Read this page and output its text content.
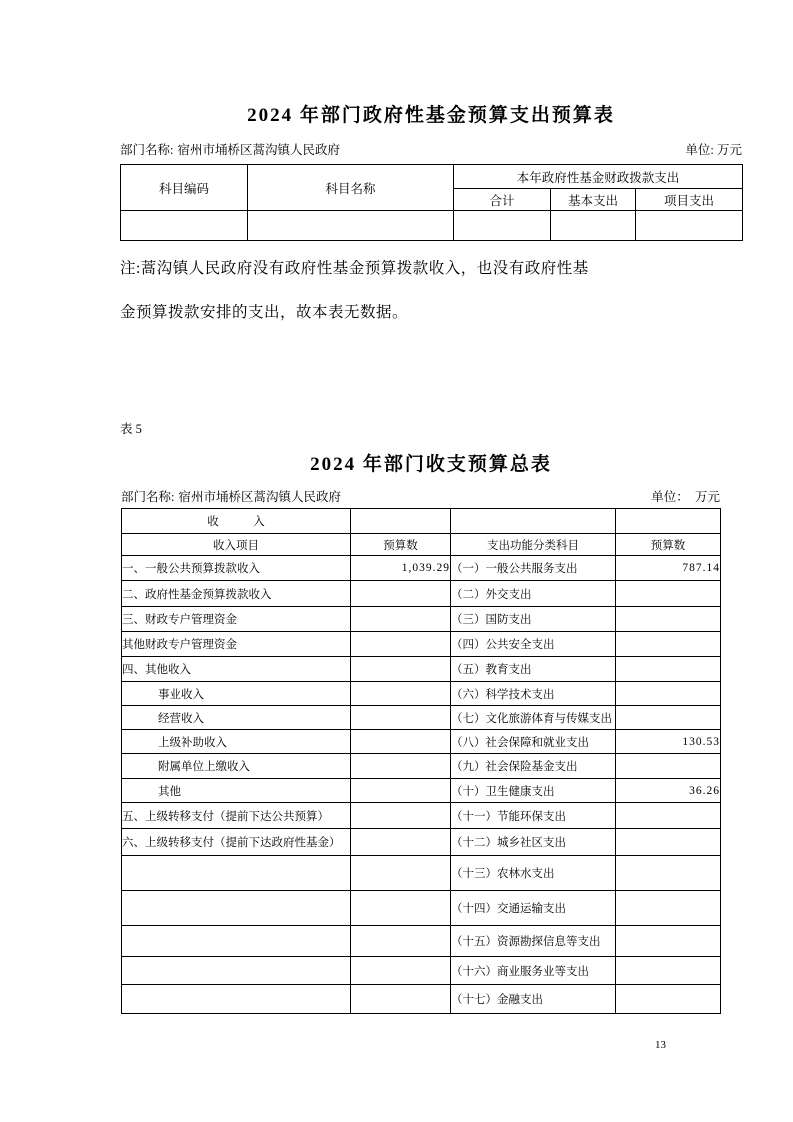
2024 年部门政府性基金预算支出预算表
部门名称: 宿州市埇桥区蒿沟镇人民政府	单位: 万元
科目编码	科目名称	本年政府性基金财政拨款支出		
		合计	基本支出	项目支出

注:蒿沟镇人民政府没有政府性基金预算拨款收入，也没有政府性基
金预算拨款安排的支出，故本表无数据。
表 5
2024 年部门收支预算总表
部门名称: 宿州市埇桥区蒿沟镇人民政府	单位：　万元
收　　　入			
收入项目	预算数	支出功能分类科目	预算数
一、一般公共预算拨款收入	1,039.29	（一）一般公共服务支出	787.14
二、政府性基金预算拨款收入		（二）外交支出	
三、财政专户管理资金		（三）国防支出	
其他财政专户管理资金		（四）公共安全支出	
四、其他收入		（五）教育支出	
事业收入		（六）科学技术支出	
经营收入		（七）文化旅游体育与传媒支出	
上级补助收入		（八）社会保障和就业支出	130.53
附属单位上缴收入		（九）社会保险基金支出	
其他		（十）卫生健康支出	36.26
五、上级转移支付（提前下达公共预算）		（十一）节能环保支出	
六、上级转移支付（提前下达政府性基金）		（十二）城乡社区支出	
		（十三）农林水支出	
		（十四）交通运输支出	
		（十五）资源勘探信息等支出	
		（十六）商业服务业等支出	
		（十七）金融支出	
13
